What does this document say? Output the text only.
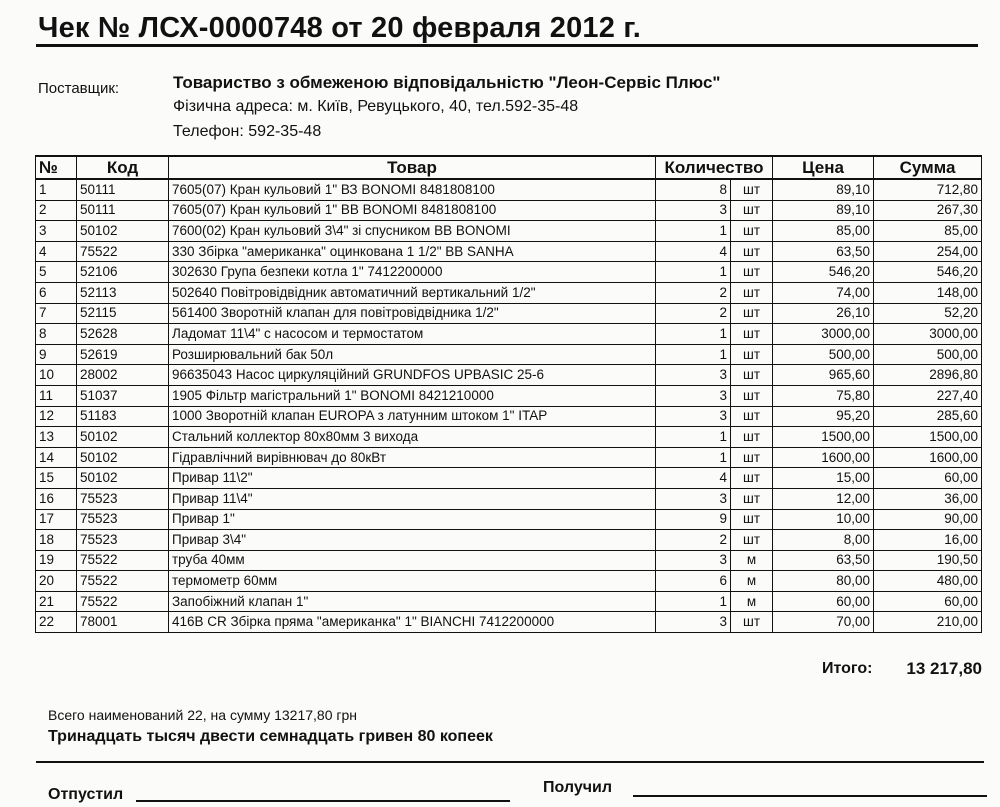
Чек № ЛСХ-0000748 от 20 февраля 2012 г.
Поставщик:	Товариство з обмеженою відповідальністю "Леон-Сервіс Плюс"
Фізична адреса: м. Київ, Ревуцького, 40, тел.592-35-48
Телефон: 592-35-48
№	Код	Товар	Количество		Цена	Сумма
1	50111	7605(07) Кран кульовий 1" ВЗ BONOMI 8481808100	8	шт	89,10	712,80
2	50111	7605(07) Кран кульовий 1" ВВ BONOMI 8481808100	3	шт	89,10	267,30
3	50102	7600(02) Кран кульовий 3\4" зі спусником ВВ BONOMI	1	шт	85,00	85,00
4	75522	330 Збірка "американка" оцинкована 1 1/2" ВВ SANHA	4	шт	63,50	254,00
5	52106	302630 Група безпеки котла 1" 7412200000	1	шт	546,20	546,20
6	52113	502640 Повітровідвідник автоматичний вертикальний 1/2"	2	шт	74,00	148,00
7	52115	561400 Зворотній клапан для повітровідвідника 1/2"	2	шт	26,10	52,20
8	52628	Ладомат 11\4" с насосом и термостатом	1	шт	3000,00	3000,00
9	52619	Розширювальний бак 50л	1	шт	500,00	500,00
10	28002	96635043 Насос циркуляційний GRUNDFOS UPBASIC 25-6	3	шт	965,60	2896,80
11	51037	1905 Фільтр магістральний 1" BONOMI 8421210000	3	шт	75,80	227,40
12	51183	1000 Зворотній клапан EUROPA з латунним штоком 1" ITAP	3	шт	95,20	285,60
13	50102	Стальний коллектор 80х80мм 3 вихода	1	шт	1500,00	1500,00
14	50102	Гідравлічний вирівнювач до 80кВт	1	шт	1600,00	1600,00
15	50102	Привар 11\2"	4	шт	15,00	60,00
16	75523	Привар 11\4"	3	шт	12,00	36,00
17	75523	Привар 1"	9	шт	10,00	90,00
18	75523	Привар 3\4"	2	шт	8,00	16,00
19	75522	труба 40мм	3	м	63,50	190,50
20	75522	термометр 60мм	6	м	80,00	480,00
21	75522	Запобіжний клапан 1"	1	м	60,00	60,00
22	78001	416B CR Збірка пряма "американка" 1" BIANCHI 7412200000	3	шт	70,00	210,00
Итого:	13 217,80
Всего наименований 22, на сумму 13217,80 грн
Тринадцать тысяч двести семнадцать гривен 80 копеек
Отпустил	Получил
